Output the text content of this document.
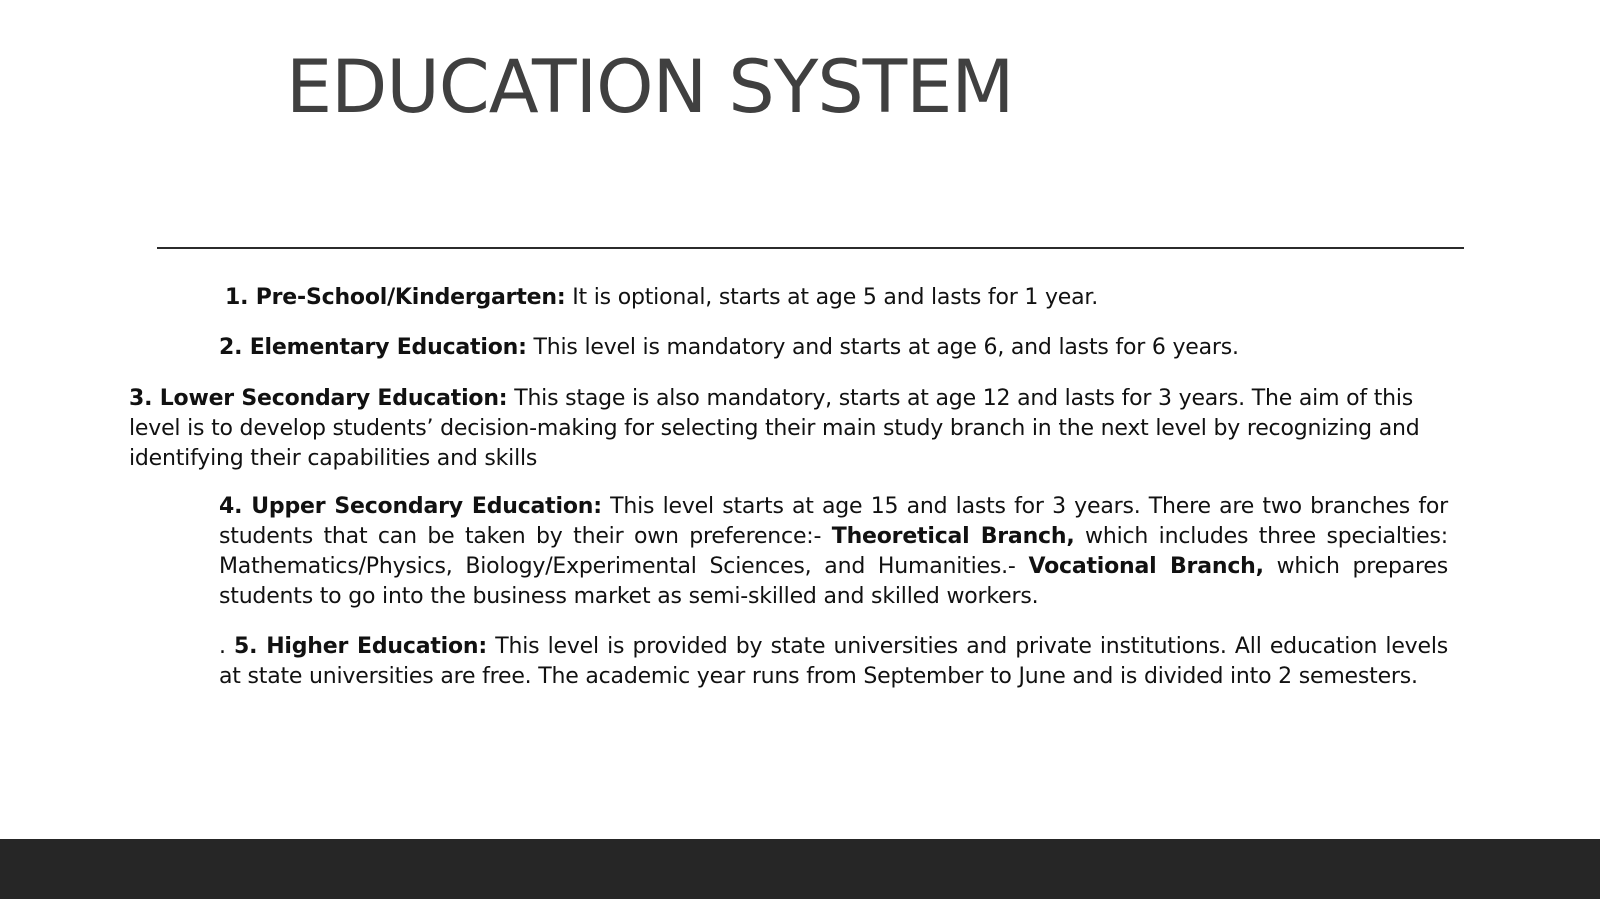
EDUCATION SYSTEM

1. Pre-School/Kindergarten: It is optional, starts at age 5 and lasts for 1 year.

2. Elementary Education: This level is mandatory and starts at age 6, and lasts for 6 years.

3. Lower Secondary Education: This stage is also mandatory, starts at age 12 and lasts for 3 years. The aim of this level is to develop students’ decision-making for selecting their main study branch in the next level by recognizing and identifying their capabilities and skills

4. Upper Secondary Education: This level starts at age 15 and lasts for 3 years. There are two branches for students that can be taken by their own preference:- Theoretical Branch, which includes three specialties: Mathematics/Physics, Biology/Experimental Sciences, and Humanities.- Vocational Branch, which prepares students to go into the business market as semi-skilled and skilled workers.

. 5. Higher Education: This level is provided by state universities and private institutions. All education levels at state universities are free. The academic year runs from September to June and is divided into 2 semesters.
